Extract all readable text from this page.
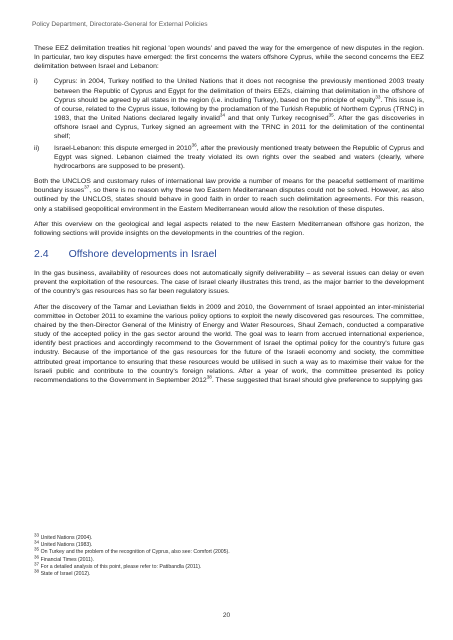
Policy Department, Directorate-General for External Policies

These EEZ delimitation treaties hit regional 'open wounds' and paved the way for the emergence of new disputes in the region. In particular, two key disputes have emerged: the first concerns the waters offshore Cyprus, while the second concerns the EEZ delimitation between Israel and Lebanon:

i) Cyprus: in 2004, Turkey notified to the United Nations that it does not recognise the previously mentioned 2003 treaty between the Republic of Cyprus and Egypt for the delimitation of theirs EEZs, claiming that delimitation in the offshore of Cyprus should be agreed by all states in the region (i.e. including Turkey), based on the principle of equity$^{33}$. This issue is, of course, related to the Cyprus issue, following by the proclamation of the Turkish Republic of Northern Cyprus (TRNC) in 1983, that the United Nations declared legally invalid$^{34}$ and that only Turkey recognised$^{35}$. After the gas discoveries in offshore Israel and Cyprus, Turkey signed an agreement with the TRNC in 2011 for the delimitation of the continental shelf;
ii) Israel-Lebanon: this dispute emerged in 2010$^{36}$, after the previously mentioned treaty between the Republic of Cyprus and Egypt was signed. Lebanon claimed the treaty violated its own rights over the seabed and waters (clearly, where hydrocarbons are supposed to be present).

Both the UNCLOS and customary rules of international law provide a number of means for the peaceful settlement of maritime boundary issues$^{37}$, so there is no reason why these two Eastern Mediterranean disputes could not be solved. However, as also outlined by the UNCLOS, states should behave in good faith in order to reach such delimitation agreements. For this reason, only a stabilised geopolitical environment in the Eastern Mediterranean would allow the resolution of these disputes.

After this overview on the geological and legal aspects related to the new Eastern Mediterranean offshore gas horizon, the following sections will provide insights on the developments in the countries of the region.

2.4 Offshore developments in Israel

In the gas business, availability of resources does not automatically signify deliverability – as several issues can delay or even prevent the exploitation of the resources. The case of Israel clearly illustrates this trend, as the major barrier to the development of the country's gas resources has so far been regulatory issues.

After the discovery of the Tamar and Leviathan fields in 2009 and 2010, the Government of Israel appointed an inter-ministerial committee in October 2011 to examine the various policy options to exploit the newly discovered gas resources. The committee, chaired by the then-Director General of the Ministry of Energy and Water Resources, Shaul Zemach, conducted a comparative study of the accepted policy in the gas sector around the world. The goal was to learn from accrued international experience, identify best practices and accordingly recommend to the Government of Israel the optimal policy for the country's future gas industry. Because of the importance of the gas resources for the future of the Israeli economy and society, the committee attributed great importance to ensuring that these resources would be utilised in such a way as to maximise their value for the Israeli public and contribute to the country's foreign relations. After a year of work, the committee presented its policy recommendations to the Government in September 2012$^{38}$. These suggested that Israel should give preference to supplying gas

$^{33}$ United Nations (2004).
$^{34}$ United Nations (1983).
$^{35}$ On Turkey and the problem of the recognition of Cyprus, also see: Comfort (2005).
$^{36}$ Financial Times (2011).
$^{37}$ For a detailed analysis of this point, please refer to: Patibandla (2011).
$^{38}$ State of Israel (2012).
20
